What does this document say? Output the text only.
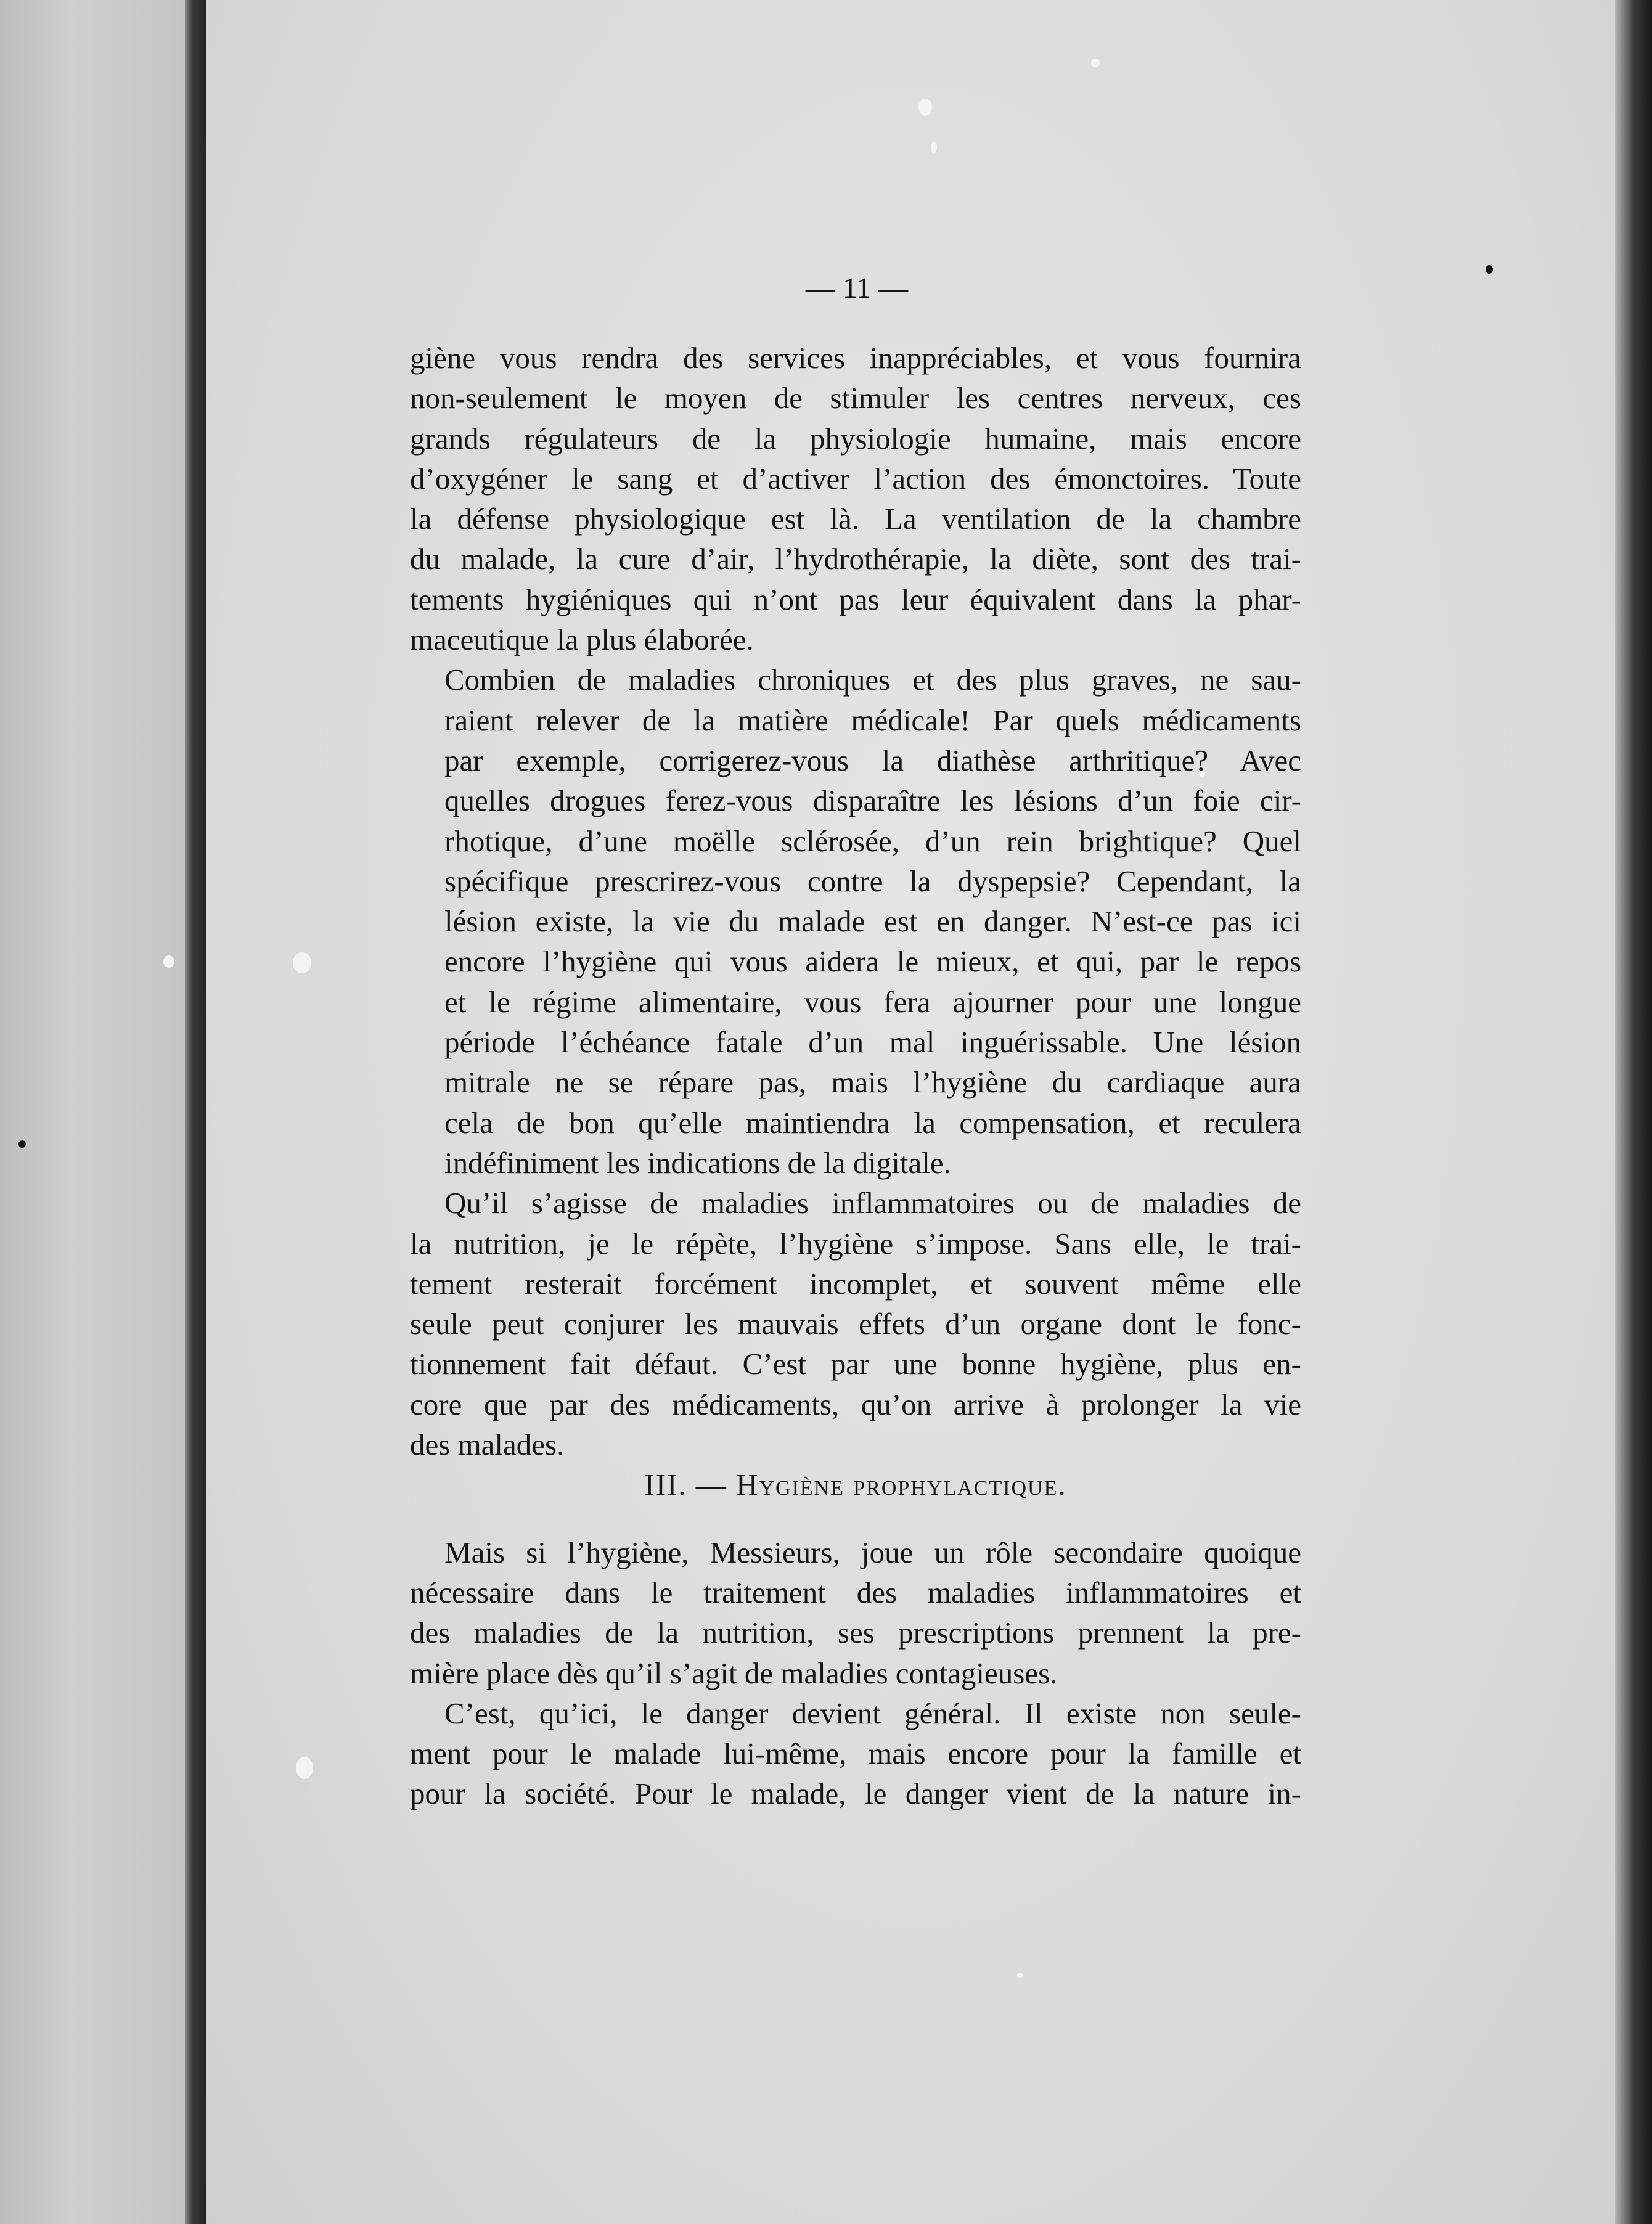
— 11 —
giène vous rendra des services inappréciables, et vous fournira
non-seulement le moyen de stimuler les centres nerveux, ces
grands régulateurs de la physiologie humaine, mais encore
d’oxygéner le sang et d’activer l’action des émonctoires. Toute
la défense physiologique est là. La ventilation de la chambre
du malade, la cure d’air, l’hydrothérapie, la diète, sont des trai-
tements hygiéniques qui n’ont pas leur équivalent dans la phar-
maceutique la plus élaborée.
Combien de maladies chroniques et des plus graves, ne sau-
raient relever de la matière médicale! Par quels médicaments
par exemple, corrigerez-vous la diathèse arthritique? Avec
quelles drogues ferez-vous disparaître les lésions d’un foie cir-
rhotique, d’une moëlle sclérosée, d’un rein brightique? Quel
spécifique prescrirez-vous contre la dyspepsie? Cependant, la
lésion existe, la vie du malade est en danger. N’est-ce pas ici
encore l’hygiène qui vous aidera le mieux, et qui, par le repos
et le régime alimentaire, vous fera ajourner pour une longue
période l’échéance fatale d’un mal inguérissable. Une lésion
mitrale ne se répare pas, mais l’hygiène du cardiaque aura
cela de bon qu’elle maintiendra la compensation, et reculera
indéfiniment les indications de la digitale.
Qu’il s’agisse de maladies inflammatoires ou de maladies de
la nutrition, je le répète, l’hygiène s’impose. Sans elle, le trai-
tement resterait forcément incomplet, et souvent même elle
seule peut conjurer les mauvais effets d’un organe dont le fonc-
tionnement fait défaut. C’est par une bonne hygiène, plus en-
core que par des médicaments, qu’on arrive à prolonger la vie
des malades.
III. — Hygiène prophylactique.
Mais si l’hygiène, Messieurs, joue un rôle secondaire quoique
nécessaire dans le traitement des maladies inflammatoires et
des maladies de la nutrition, ses prescriptions prennent la pre-
mière place dès qu’il s’agit de maladies contagieuses.
C’est, qu’ici, le danger devient général. Il existe non seule-
ment pour le malade lui-même, mais encore pour la famille et
pour la société. Pour le malade, le danger vient de la nature in-
